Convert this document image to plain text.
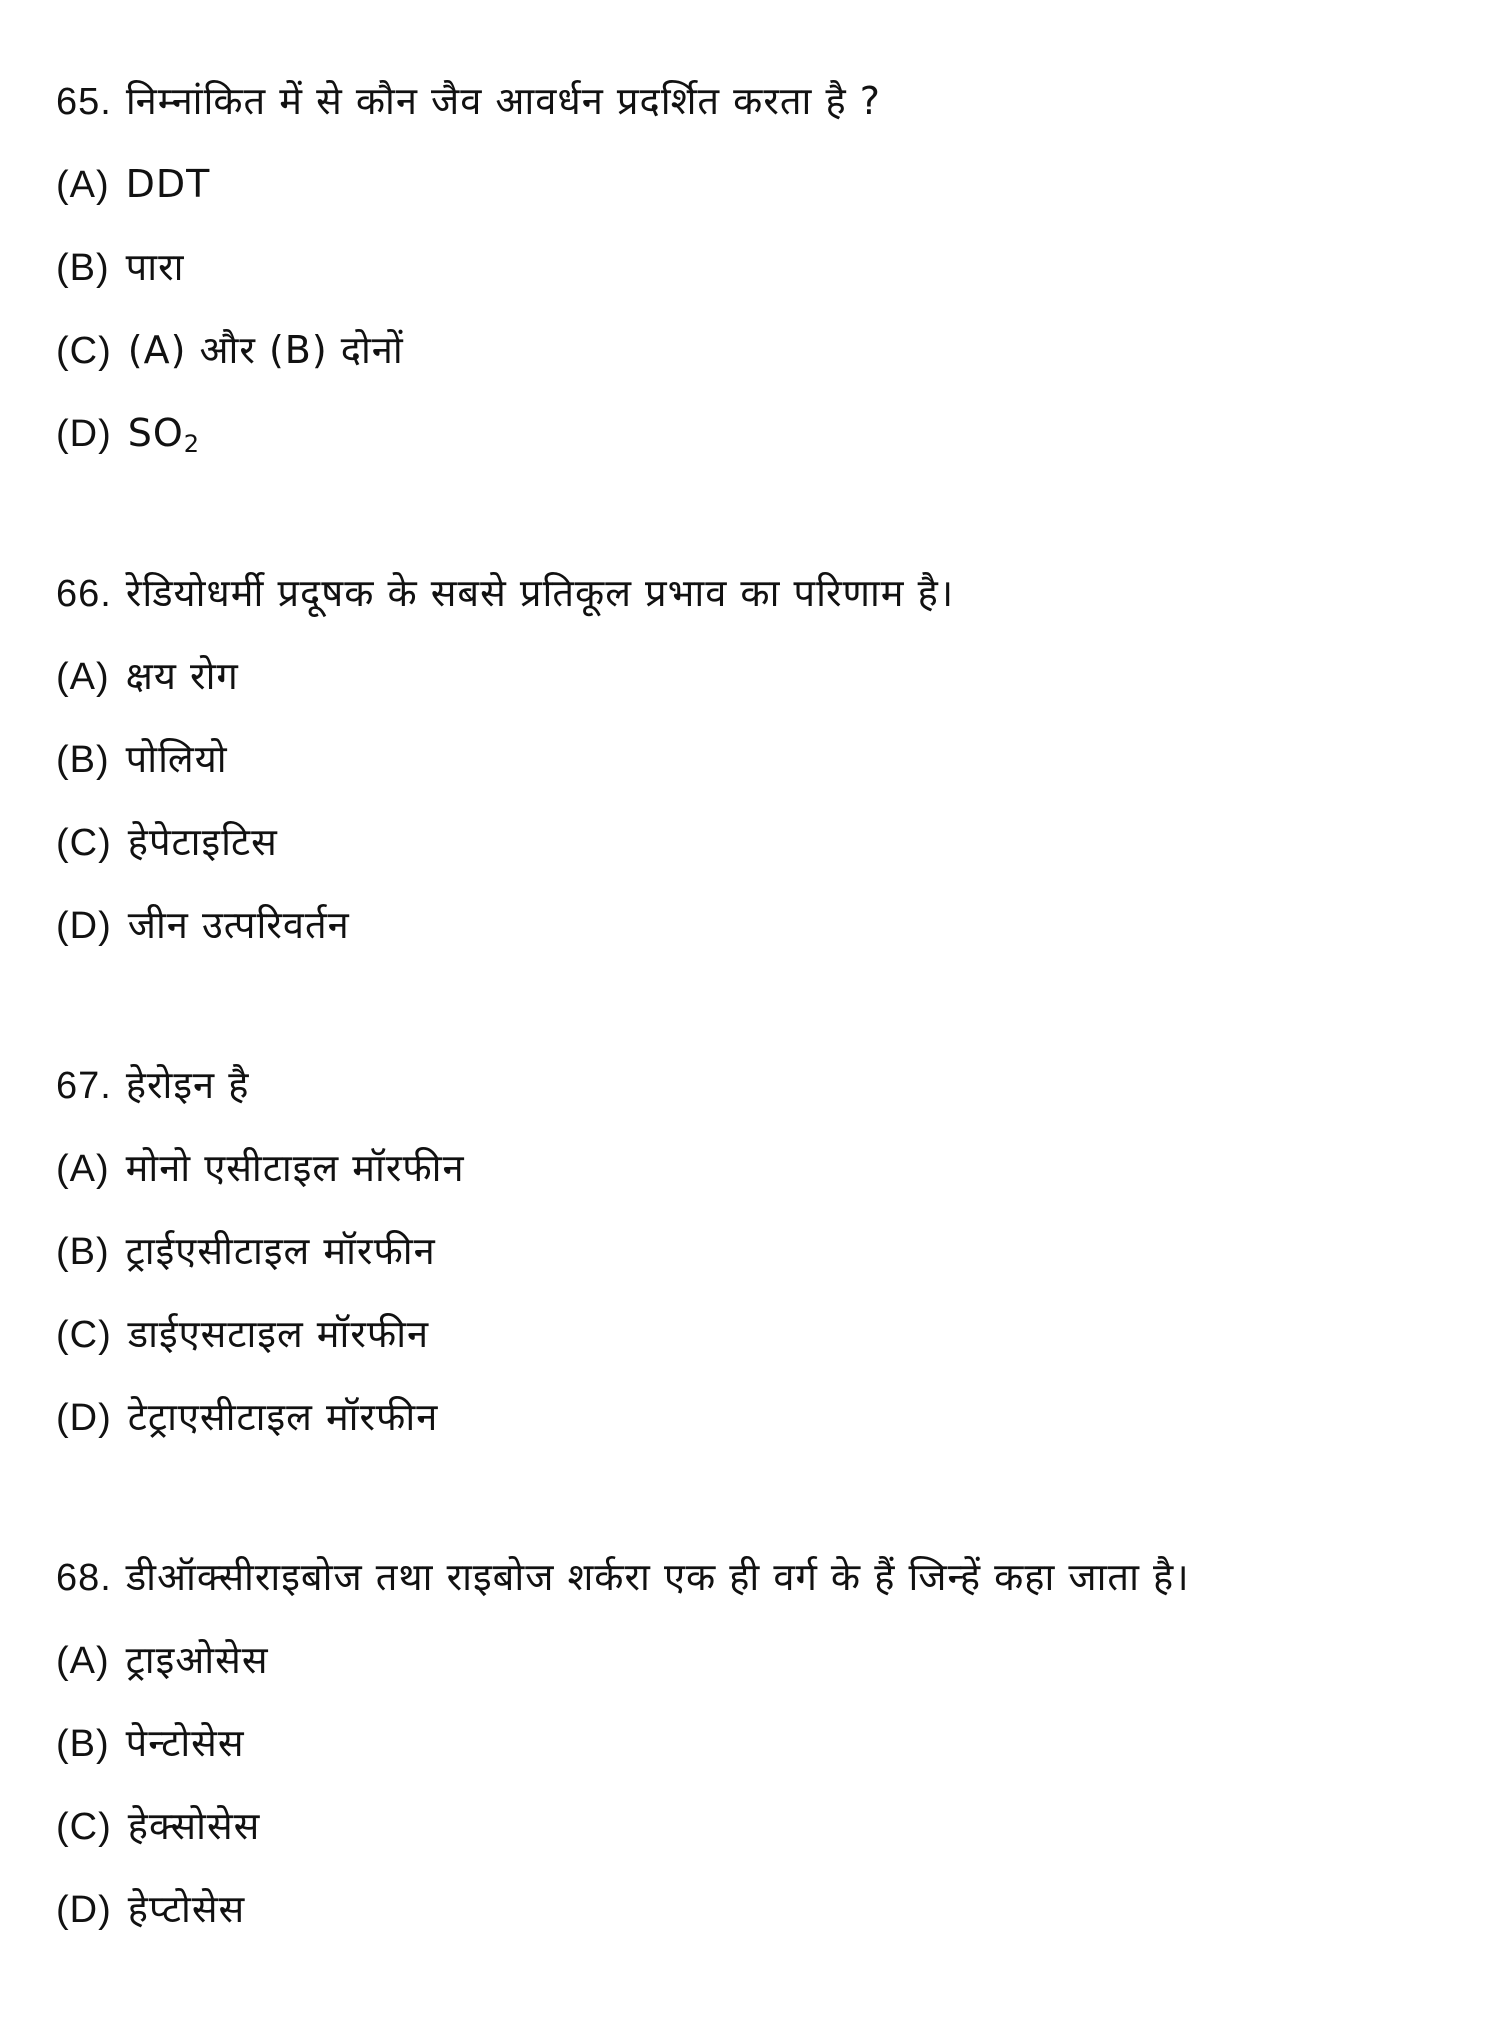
65. निम्नांकित में से कौन जैव आवर्धन प्रदर्शित करता है ?
(A) DDT
(B) पारा
(C) (A) और (B) दोनों
(D) $SO_2$
66. रेडियोधर्मी प्रदूषक के सबसे प्रतिकूल प्रभाव का परिणाम है।
(A) क्षय रोग
(B) पोलियो
(C) हेपेटाइटिस
(D) जीन उत्परिवर्तन
67. हेरोइन है
(A) मोनो एसीटाइल मॉरफीन
(B) ट्राईएसीटाइल मॉरफीन
(C) डाईएसटाइल मॉरफीन
(D) टेट्राएसीटाइल मॉरफीन
68. डीऑक्सीराइबोज तथा राइबोज शर्करा एक ही वर्ग के हैं जिन्हें कहा जाता है।
(A) ट्राइओसेस
(B) पेन्टोसेस
(C) हेक्सोसेस
(D) हेप्टोसेस
